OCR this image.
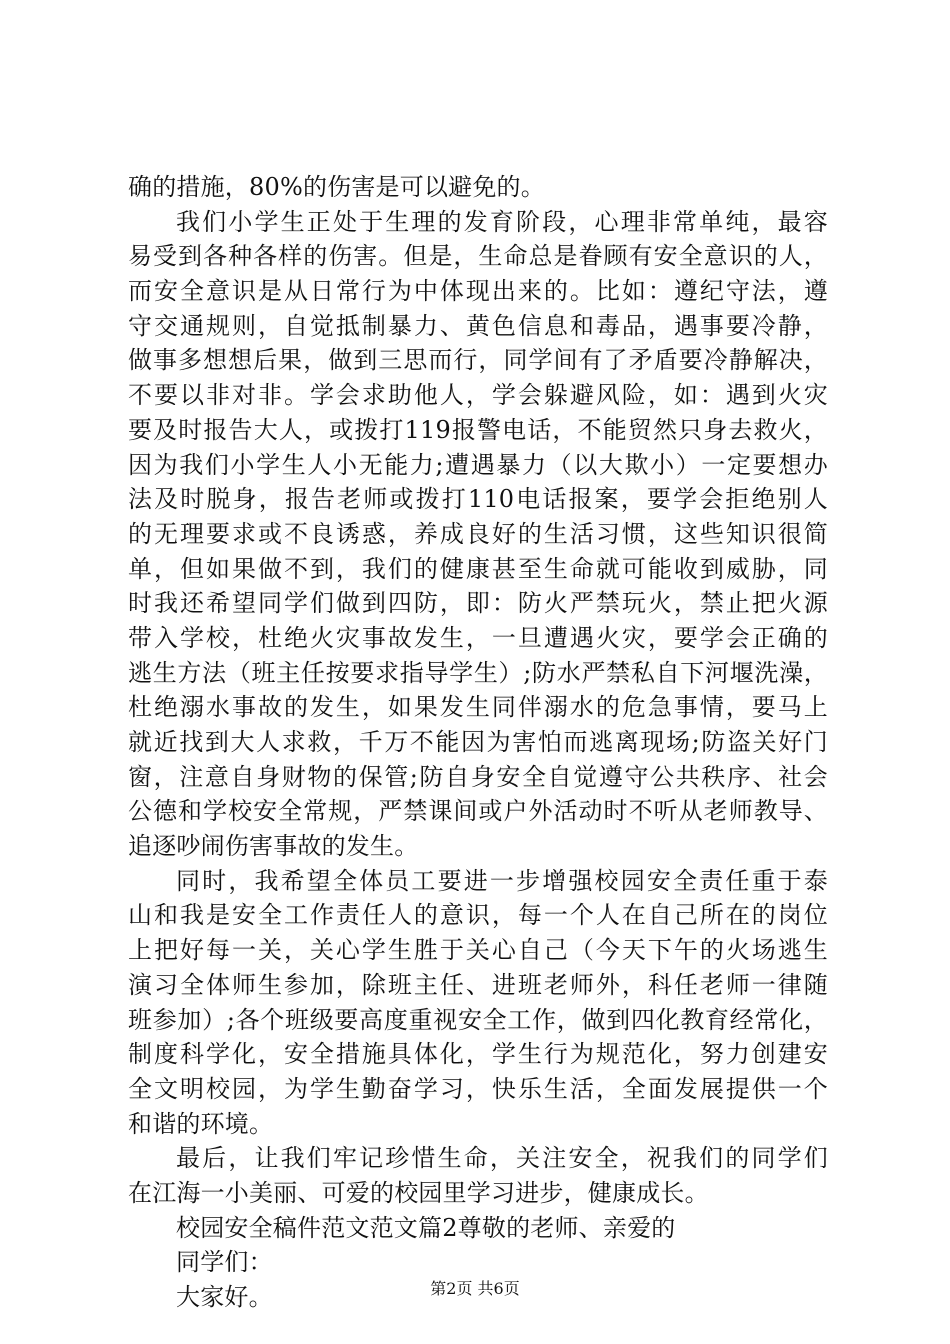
确的措施，80%的伤害是可以避免的。
我们小学生正处于生理的发育阶段，心理非常单纯，最容
易受到各种各样的伤害。但是，生命总是眷顾有安全意识的人，
而安全意识是从日常行为中体现出来的。比如：遵纪守法，遵
守交通规则，自觉抵制暴力、黄色信息和毒品，遇事要冷静，
做事多想想后果，做到三思而行，同学间有了矛盾要冷静解决，
不要以非对非。学会求助他人，学会躲避风险，如：遇到火灾
要及时报告大人，或拨打119报警电话，不能贸然只身去救火，
因为我们小学生人小无能力;遭遇暴力（以大欺小）一定要想办
法及时脱身，报告老师或拨打110电话报案，要学会拒绝别人
的无理要求或不良诱惑，养成良好的生活习惯，这些知识很简
单，但如果做不到，我们的健康甚至生命就可能收到威胁，同
时我还希望同学们做到四防，即：防火严禁玩火，禁止把火源
带入学校，杜绝火灾事故发生，一旦遭遇火灾，要学会正确的
逃生方法（班主任按要求指导学生）;防水严禁私自下河堰洗澡，
杜绝溺水事故的发生，如果发生同伴溺水的危急事情，要马上
就近找到大人求救，千万不能因为害怕而逃离现场;防盗关好门
窗，注意自身财物的保管;防自身安全自觉遵守公共秩序、社会
公德和学校安全常规，严禁课间或户外活动时不听从老师教导、
追逐吵闹伤害事故的发生。
同时，我希望全体员工要进一步增强校园安全责任重于泰
山和我是安全工作责任人的意识，每一个人在自己所在的岗位
上把好每一关，关心学生胜于关心自己（今天下午的火场逃生
演习全体师生参加，除班主任、进班老师外，科任老师一律随
班参加）;各个班级要高度重视安全工作，做到四化教育经常化，
制度科学化，安全措施具体化，学生行为规范化，努力创建安
全文明校园，为学生勤奋学习，快乐生活，全面发展提供一个
和谐的环境。
最后，让我们牢记珍惜生命，关注安全，祝我们的同学们
在江海一小美丽、可爱的校园里学习进步，健康成长。
校园安全稿件范文范文篇2尊敬的老师、亲爱的
同学们：
大家好。	第2页 共6页
